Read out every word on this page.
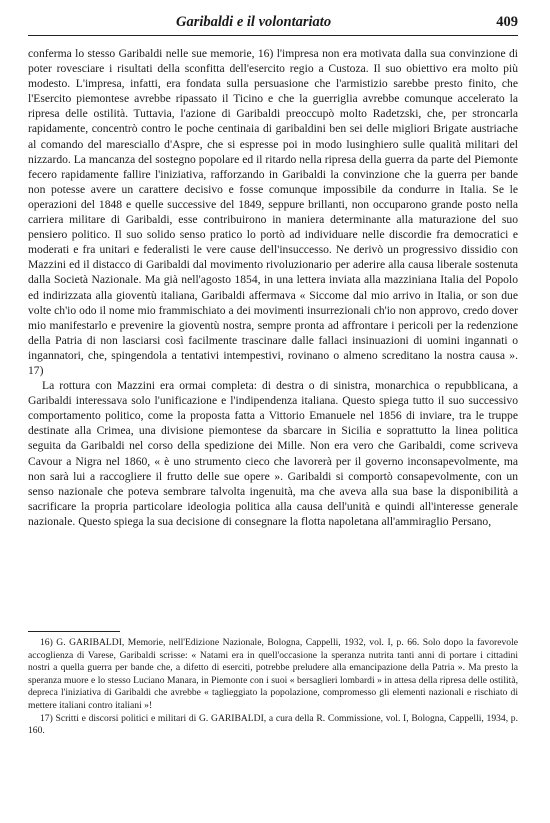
Garibaldi e il volontariato	409

conferma lo stesso Garibaldi nelle sue memorie, 16) l'impresa non era motivata dalla sua convinzione di poter rovesciare i risultati della sconfitta dell'esercito regio a Custoza. Il suo obiettivo era molto più modesto. L'impresa, infatti, era fondata sulla persuasione che l'armistizio sarebbe presto finito, che l'Esercito piemontese avrebbe ripassato il Ticino e che la guerriglia avrebbe comunque accelerato la ripresa delle ostilità. Tuttavia, l'azione di Garibaldi preoccupò molto Radetzski, che, per stroncarla rapidamente, concentrò contro le poche centinaia di garibaldini ben sei delle migliori Brigate austriache al comando del maresciallo d'Aspre, che si espresse poi in modo lusinghiero sulle qualità militari del nizzardo. La mancanza del sostegno popolare ed il ritardo nella ripresa della guerra da parte del Piemonte fecero rapidamente fallire l'iniziativa, rafforzando in Garibaldi la convinzione che la guerra per bande non potesse avere un carattere decisivo e fosse comunque impossibile da condurre in Italia. Se le operazioni del 1848 e quelle successive del 1849, seppure brillanti, non occuparono grande posto nella carriera militare di Garibaldi, esse contribuirono in maniera determinante alla maturazione del suo pensiero politico. Il suo solido senso pratico lo portò ad individuare nelle discordie fra democratici e moderati e fra unitari e federalisti le vere cause dell'insuccesso. Ne derivò un progressivo dissidio con Mazzini ed il distacco di Garibaldi dal movimento rivoluzionario per aderire alla causa liberale sostenuta dalla Società Nazionale. Ma già nell'agosto 1854, in una lettera inviata alla mazziniana Italia del Popolo ed indirizzata alla gioventù italiana, Garibaldi affermava « Siccome dal mio arrivo in Italia, or son due volte ch'io odo il nome mio frammischiato a dei movimenti insurrezionali ch'io non approvo, credo dover mio manifestarlo e prevenire la gioventù nostra, sempre pronta ad affrontare i pericoli per la redenzione della Patria di non lasciarsi così facilmente trascinare dalle fallaci insinuazioni di uomini ingannati o ingannatori, che, spingendola a tentativi intempestivi, rovinano o almeno screditano la nostra causa ». 17)

La rottura con Mazzini era ormai completa: di destra o di sinistra, monarchica o repubblicana, a Garibaldi interessava solo l'unificazione e l'indipendenza italiana. Questo spiega tutto il suo successivo comportamento politico, come la proposta fatta a Vittorio Emanuele nel 1856 di inviare, tra le truppe destinate alla Crimea, una divisione piemontese da sbarcare in Sicilia e soprattutto la linea politica seguita da Garibaldi nel corso della spedizione dei Mille. Non era vero che Garibaldi, come scriveva Cavour a Nigra nel 1860, « è uno strumento cieco che lavorerà per il governo inconsapevolmente, ma non sarà lui a raccogliere il frutto delle sue opere ». Garibaldi si comportò consapevolmente, con un senso nazionale che poteva sembrare talvolta ingenuità, ma che aveva alla sua base la disponibilità a sacrificare la propria particolare ideologia politica alla causa dell'unità e quindi all'interesse generale nazionale. Questo spiega la sua decisione di consegnare la flotta napoletana all'ammiraglio Persano,

16) G. GARIBALDI, Memorie, nell'Edizione Nazionale, Bologna, Cappelli, 1932, vol. I, p. 66. Solo dopo la favorevole accoglienza di Varese, Garibaldi scrisse: « Natami era in quell'occasione la speranza nutrita tanti anni di portare i cittadini nostri a quella guerra per bande che, a difetto di eserciti, potrebbe preludere alla emancipazione della Patria ». Ma presto la speranza muore e lo stesso Luciano Manara, in Piemonte con i suoi « bersaglieri lombardi » in attesa della ripresa delle ostilità, depreca l'iniziativa di Garibaldi che avrebbe « taglieggiato la popolazione, compromesso gli elementi nazionali e rischiato di mettere italiani contro italiani »!

17) Scritti e discorsi politici e militari di G. GARIBALDI, a cura della R. Commissione, vol. I, Bologna, Cappelli, 1934, p. 160.
